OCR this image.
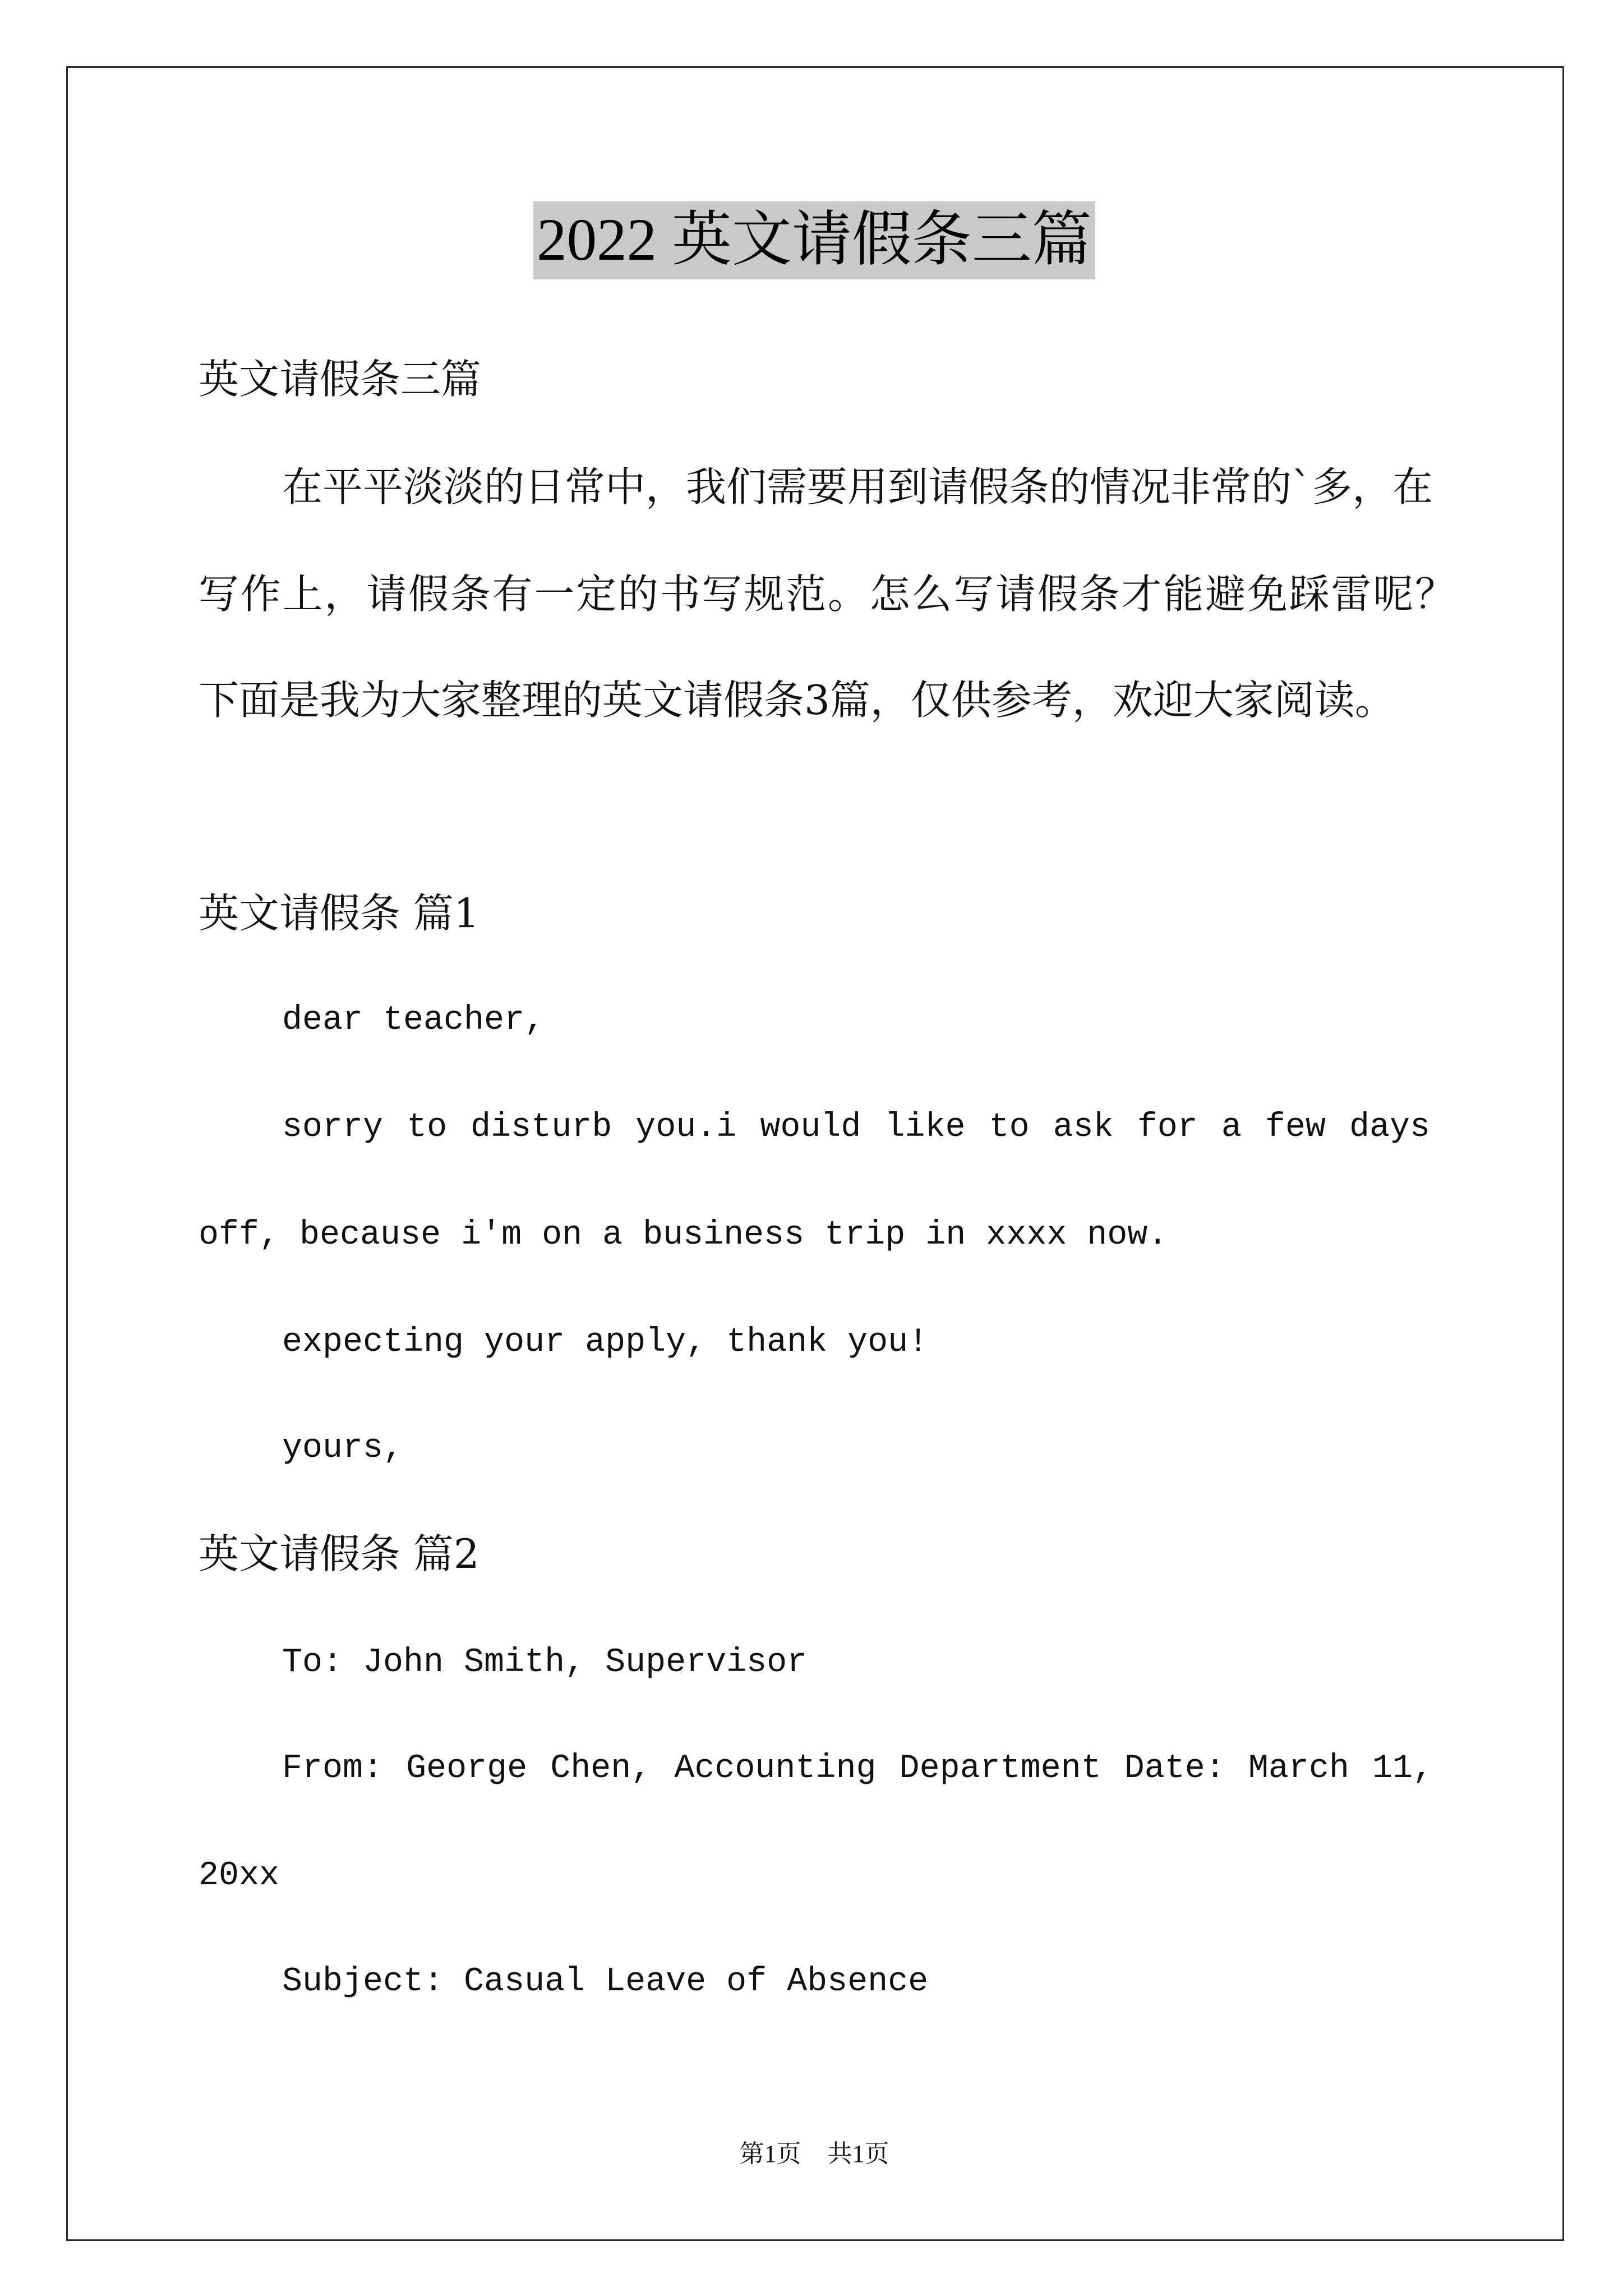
2022 英文请假条三篇
英文请假条三篇
在平平淡淡的日常中，我们需要用到请假条的情况非常的`多，在
写作上，请假条有一定的书写规范。怎么写请假条才能避免踩雷呢？
下面是我为大家整理的英文请假条3篇，仅供参考，欢迎大家阅读。
英文请假条 篇1
dear teacher,
sorry to disturb you.i would like to ask for a few days
off, because i'm on a business trip in xxxx now.
expecting your apply, thank you!
yours,
英文请假条 篇2
To: John Smith, Supervisor
From: George Chen, Accounting Department Date: March 11,
20xx
Subject: Casual Leave of Absence
第1页 共1页
